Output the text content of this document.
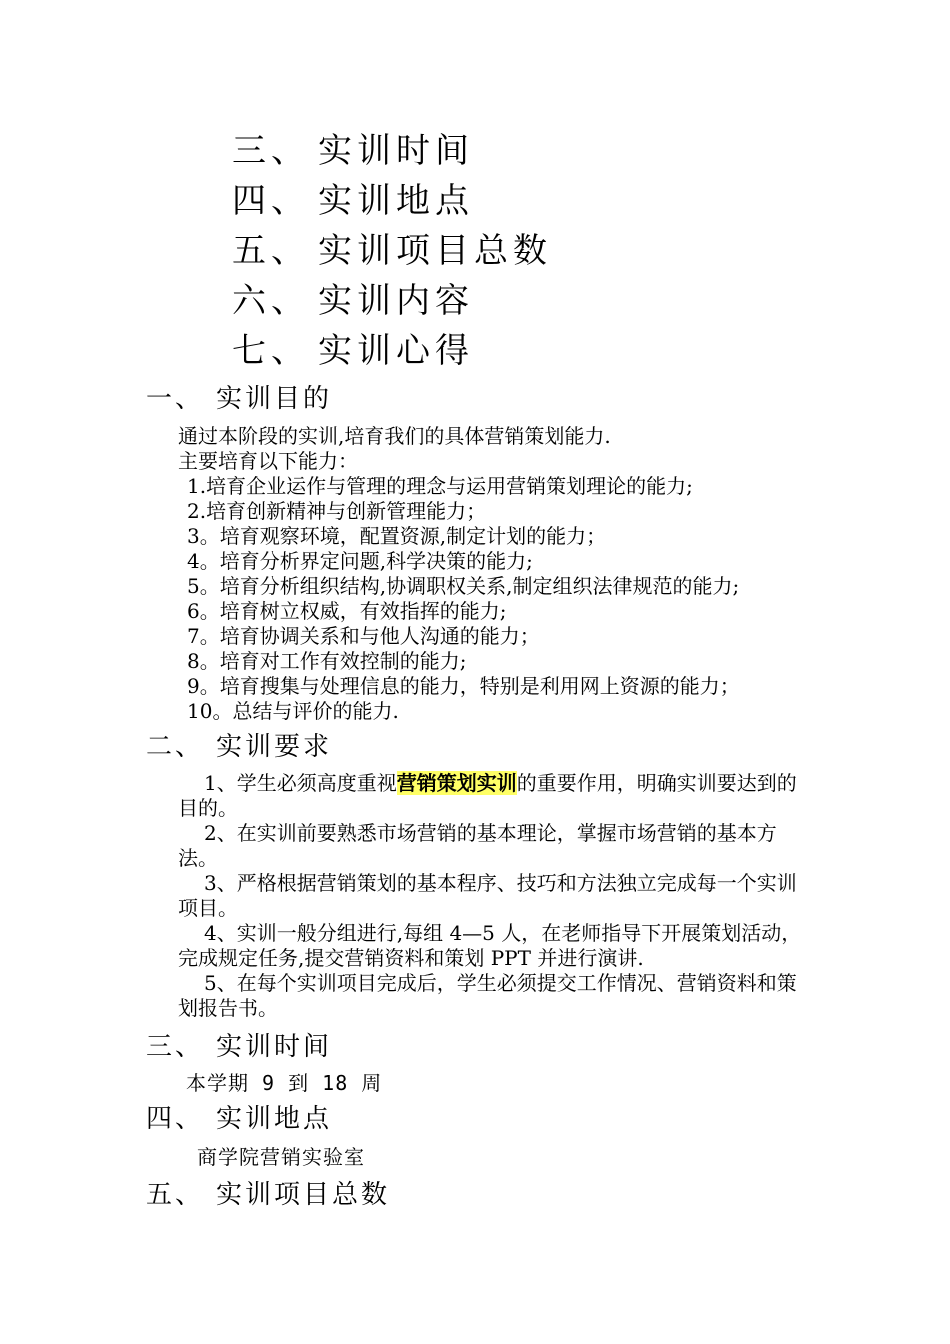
三、 实训时间
四、 实训地点
五、 实训项目总数
六、 实训内容
七、 实训心得
一、 实训目的
通过本阶段的实训,培育我们的具体营销策划能力.
主要培育以下能力：
1.培育企业运作与管理的理念与运用营销策划理论的能力;
2.培育创新精神与创新管理能力；
3。培育观察环境，配置资源,制定计划的能力；
4。培育分析界定问题,科学决策的能力;
5。培育分析组织结构,协调职权关系,制定组织法律规范的能力;
6。培育树立权威，有效指挥的能力;
7。培育协调关系和与他人沟通的能力；
8。培育对工作有效控制的能力;
9。培育搜集与处理信息的能力，特别是利用网上资源的能力；
10。总结与评价的能力.
二、 实训要求

1、学生必须高度重视营销策划实训的重要作用，明确实训要达到的目的。

2、在实训前要熟悉市场营销的基本理论，掌握市场营销的基本方法。

3、严格根据营销策划的基本程序、技巧和方法独立完成每一个实训项目。

4、实训一般分组进行,每组 4—5 人，在老师指导下开展策划活动，完成规定任务,提交营销资料和策划 PPT 并进行演讲.

5、在每个实训项目完成后，学生必须提交工作情况、营销资料和策划报告书。

三、 实训时间
本学期 9 到 18 周
四、 实训地点
商学院营销实验室
五、 实训项目总数
